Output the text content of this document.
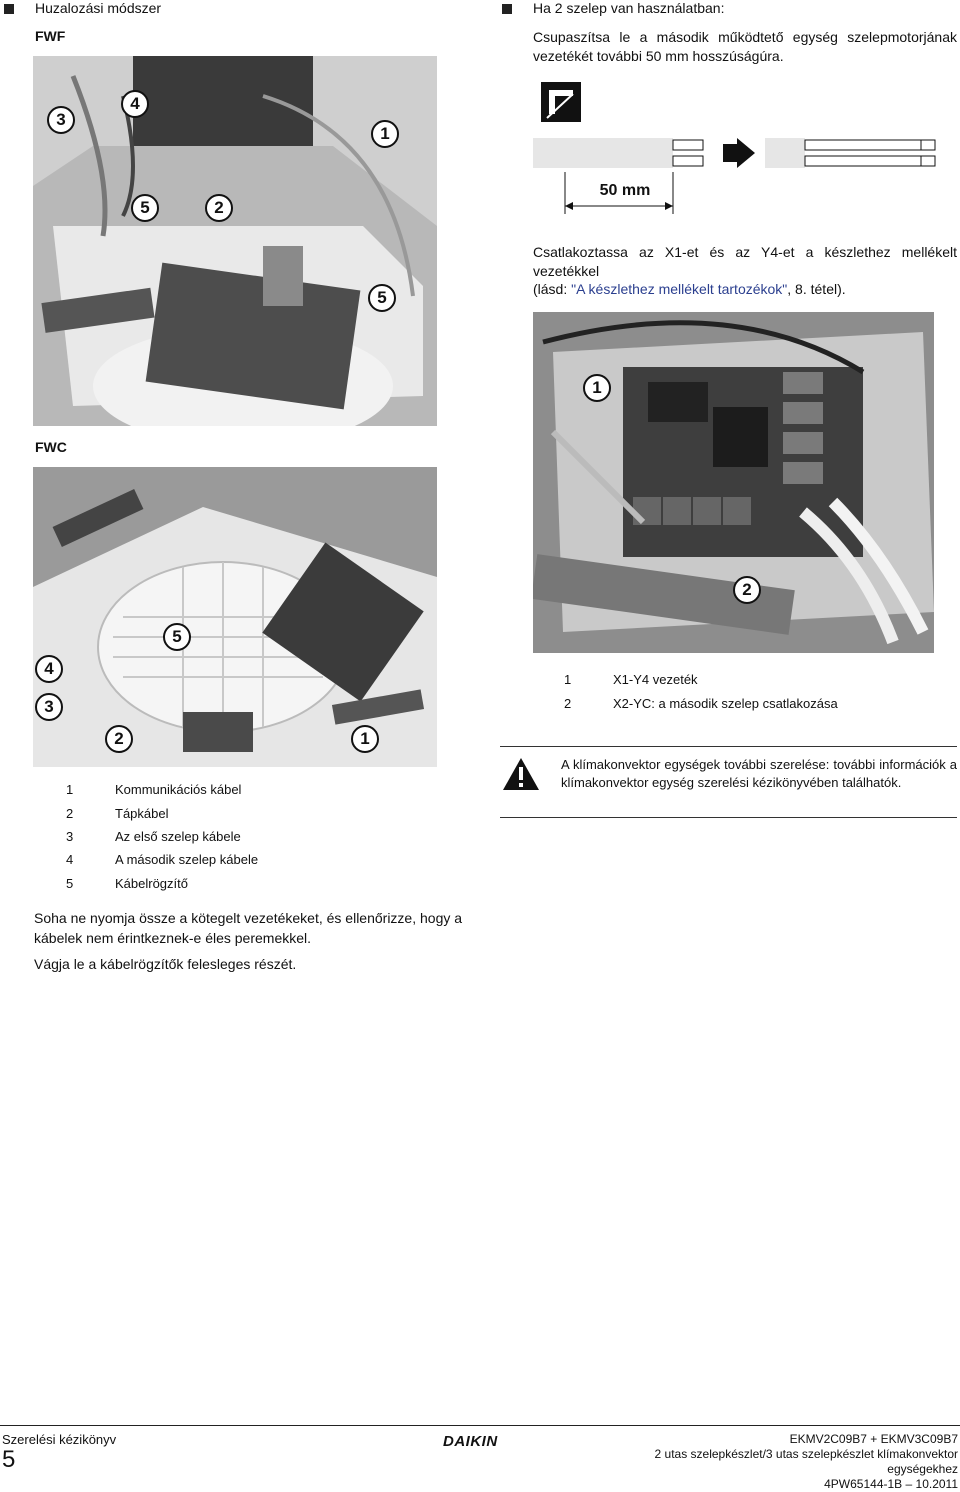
Huzalozási módszer
FWF
3
4
1
5	2
5
FWC
5
4
3
2	1
1	Kommunikációs kábel
2	Tápkábel
3	Az első szelep kábele
4	A második szelep kábele
5	Kábelrögzítő
Soha ne nyomja össze a kötegelt vezetékeket, és ellenőrizze, hogy a kábelek nem érintkeznek-e éles peremekkel.
Vágja le a kábelrögzítők felesleges részét.
Ha 2 szelep van használatban:
Csupaszítsa le a második működtető egység szelepmotorjának vezetékét további 50 mm hosszúságúra.
50 mm
Csatlakoztassa az X1-et és az Y4-et a készlethez mellékelt vezetékkel
(lásd: "A készlethez mellékelt tartozékok", 8. tétel).
1
2
1	X1-Y4 vezeték
2	X2-YC: a második szelep csatlakozása
A klímakonvektor egységek további szerelése: további információk a klímakonvektor egység szerelési kézikönyvében találhatók.
Szerelési kézikönyv
5
DAIKIN	EKMV2C09B7 + EKMV3C09B7
2 utas szelepkészlet/3 utas szelepkészlet klímakonvektor egységekhez
4PW65144-1B – 10.2011
